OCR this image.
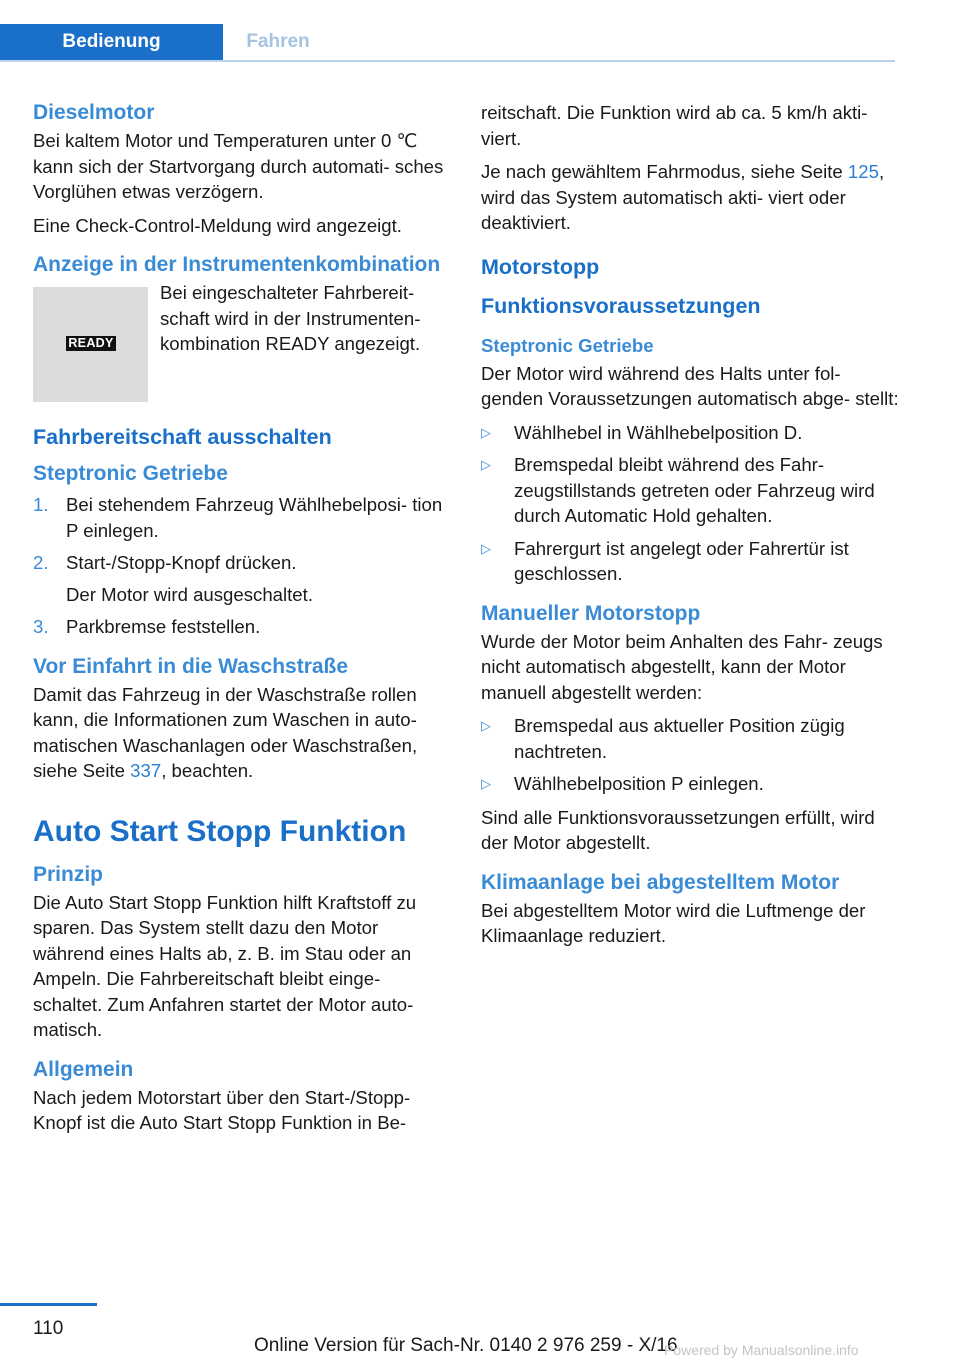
Bedienung	Fahren
Dieselmotor

Bei kaltem Motor und Temperaturen unter 0 ℃ kann sich der Startvorgang durch automati‐ sches Vorglühen etwas verzögern.

Eine Check-Control-Meldung wird angezeigt.

Anzeige in der Instrumentenkombination
READY

Bei eingeschalteter Fahrbereit‐ schaft wird in der Instrumenten‐ kombination READY angezeigt.

Fahrbereitschaft ausschalten
Steptronic Getriebe
1. Bei stehendem Fahrzeug Wählhebelposi‐ tion P einlegen.

2. Start-/Stopp-Knopf drücken.

Der Motor wird ausgeschaltet.

3. Parkbremse feststellen.

Vor Einfahrt in die Waschstraße

Damit das Fahrzeug in der Waschstraße rollen kann, die Informationen zum Waschen in auto‐ matischen Waschanlagen oder Waschstraßen, siehe Seite 337, beachten.

Auto Start Stopp Funktion
Prinzip

Die Auto Start Stopp Funktion hilft Kraftstoff zu sparen. Das System stellt dazu den Motor während eines Halts ab, z. B. im Stau oder an Ampeln. Die Fahrbereitschaft bleibt einge‐ schaltet. Zum Anfahren startet der Motor auto‐ matisch.

Allgemein

Nach jedem Motorstart über den Start-/Stopp-Knopf ist die Auto Start Stopp Funktion in Be‐

reitschaft. Die Funktion wird ab ca. 5 km/h akti‐ viert.

Je nach gewähltem Fahrmodus, siehe Seite 125, wird das System automatisch akti‐ viert oder deaktiviert.

Motorstopp
Funktionsvoraussetzungen
Steptronic Getriebe

Der Motor wird während des Halts unter fol‐ genden Voraussetzungen automatisch abge‐ stellt:

▷ Wählhebel in Wählhebelposition D.

▷ Bremspedal bleibt während des Fahr‐ zeugstillstands getreten oder Fahrzeug wird durch Automatic Hold gehalten.

▷ Fahrergurt ist angelegt oder Fahrertür ist geschlossen.

Manueller Motorstopp

Wurde der Motor beim Anhalten des Fahr‐ zeugs nicht automatisch abgestellt, kann der Motor manuell abgestellt werden:

▷ Bremspedal aus aktueller Position zügig nachtreten.

▷ Wählhebelposition P einlegen.

Sind alle Funktionsvoraussetzungen erfüllt, wird der Motor abgestellt.

Klimaanlage bei abgestelltem Motor

Bei abgestelltem Motor wird die Luftmenge der Klimaanlage reduziert.

110
Online Version für Sach-Nr. 0140 2 976 259 - X/16
Powered by Manualsonline.info
